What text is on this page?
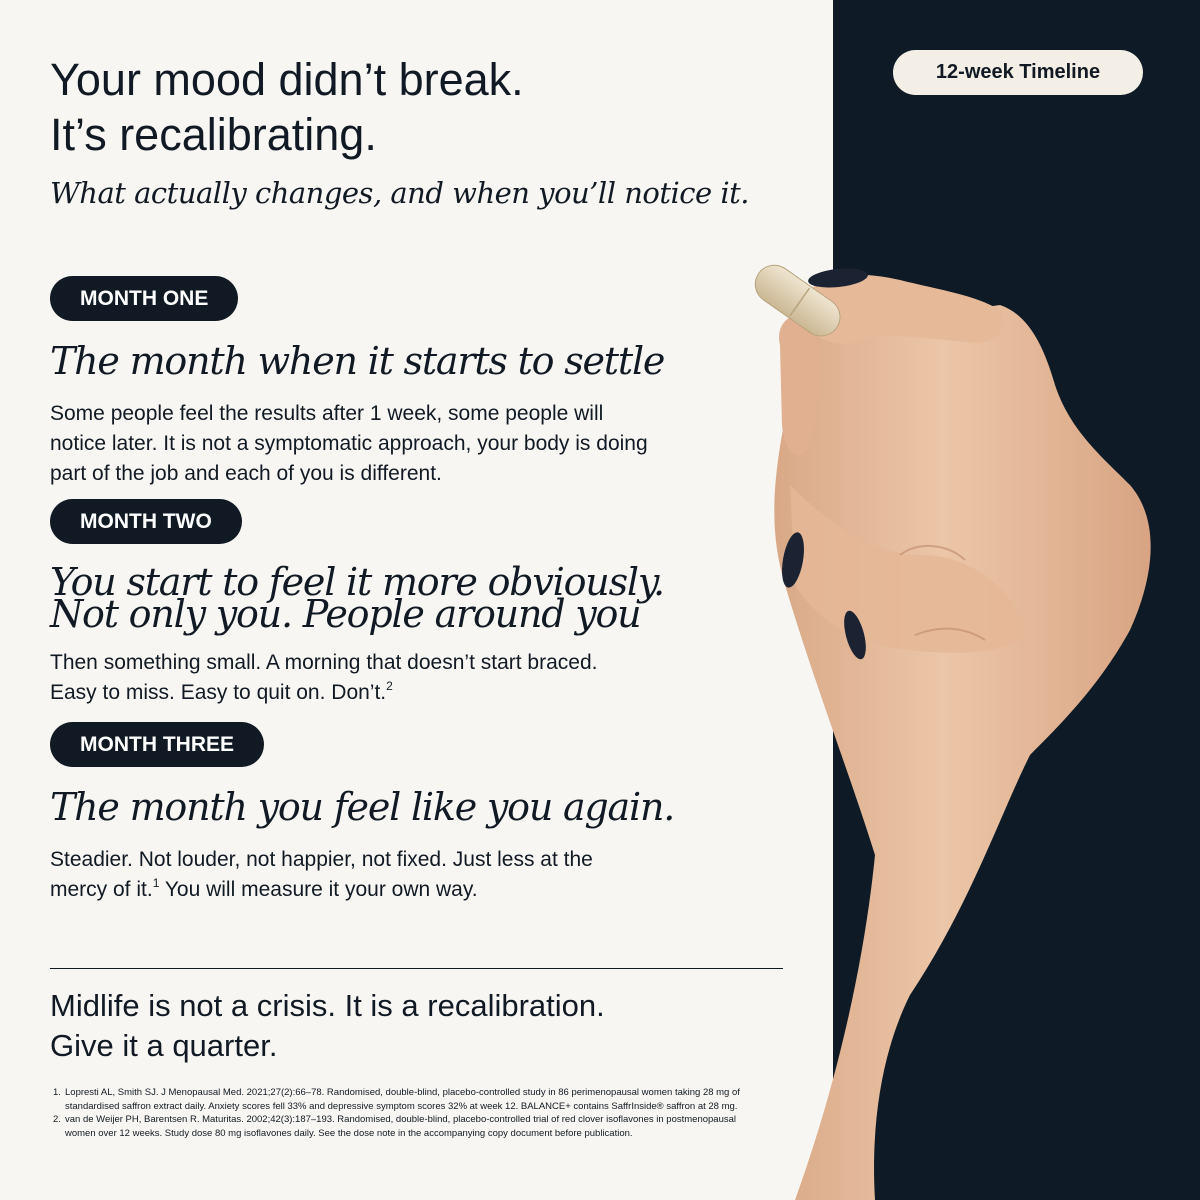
Your mood didn’t break.
It’s recalibrating.

What actually changes, and when you’ll notice it.

MONTH ONE
The month when it starts to settle

Some people feel the results after 1 week, some people will
notice later. It is not a symptomatic approach, your body is doing
part of the job and each of you is different.

MONTH TWO
You start to feel it more obviously.
Not only you. People around you

Then something small. A morning that doesn’t start braced.
Easy to miss. Easy to quit on. Don’t.$^2$

MONTH THREE
The month you feel like you again.

Steadier. Not louder, not happier, not fixed. Just less at the
mercy of it.$^1$ You will measure it your own way.

Midlife is not a crisis. It is a recalibration.
Give it a quarter.

1. Lopresti AL, Smith SJ. J Menopausal Med. 2021;27(2):66–78. Randomised, double-blind, placebo-controlled study in 86 perimenopausal women taking 28 mg of
standardised saffron extract daily. Anxiety scores fell 33% and depressive symptom scores 32% at week 12. BALANCE+ contains SaffrInside® saffron at 28 mg.
2. van de Weijer PH, Barentsen R. Maturitas. 2002;42(3):187–193. Randomised, double-blind, placebo-controlled trial of red clover isoflavones in postmenopausal
women over 12 weeks. Study dose 80 mg isoflavones daily. See the dose note in the accompanying copy document before publication.
12-week Timeline
